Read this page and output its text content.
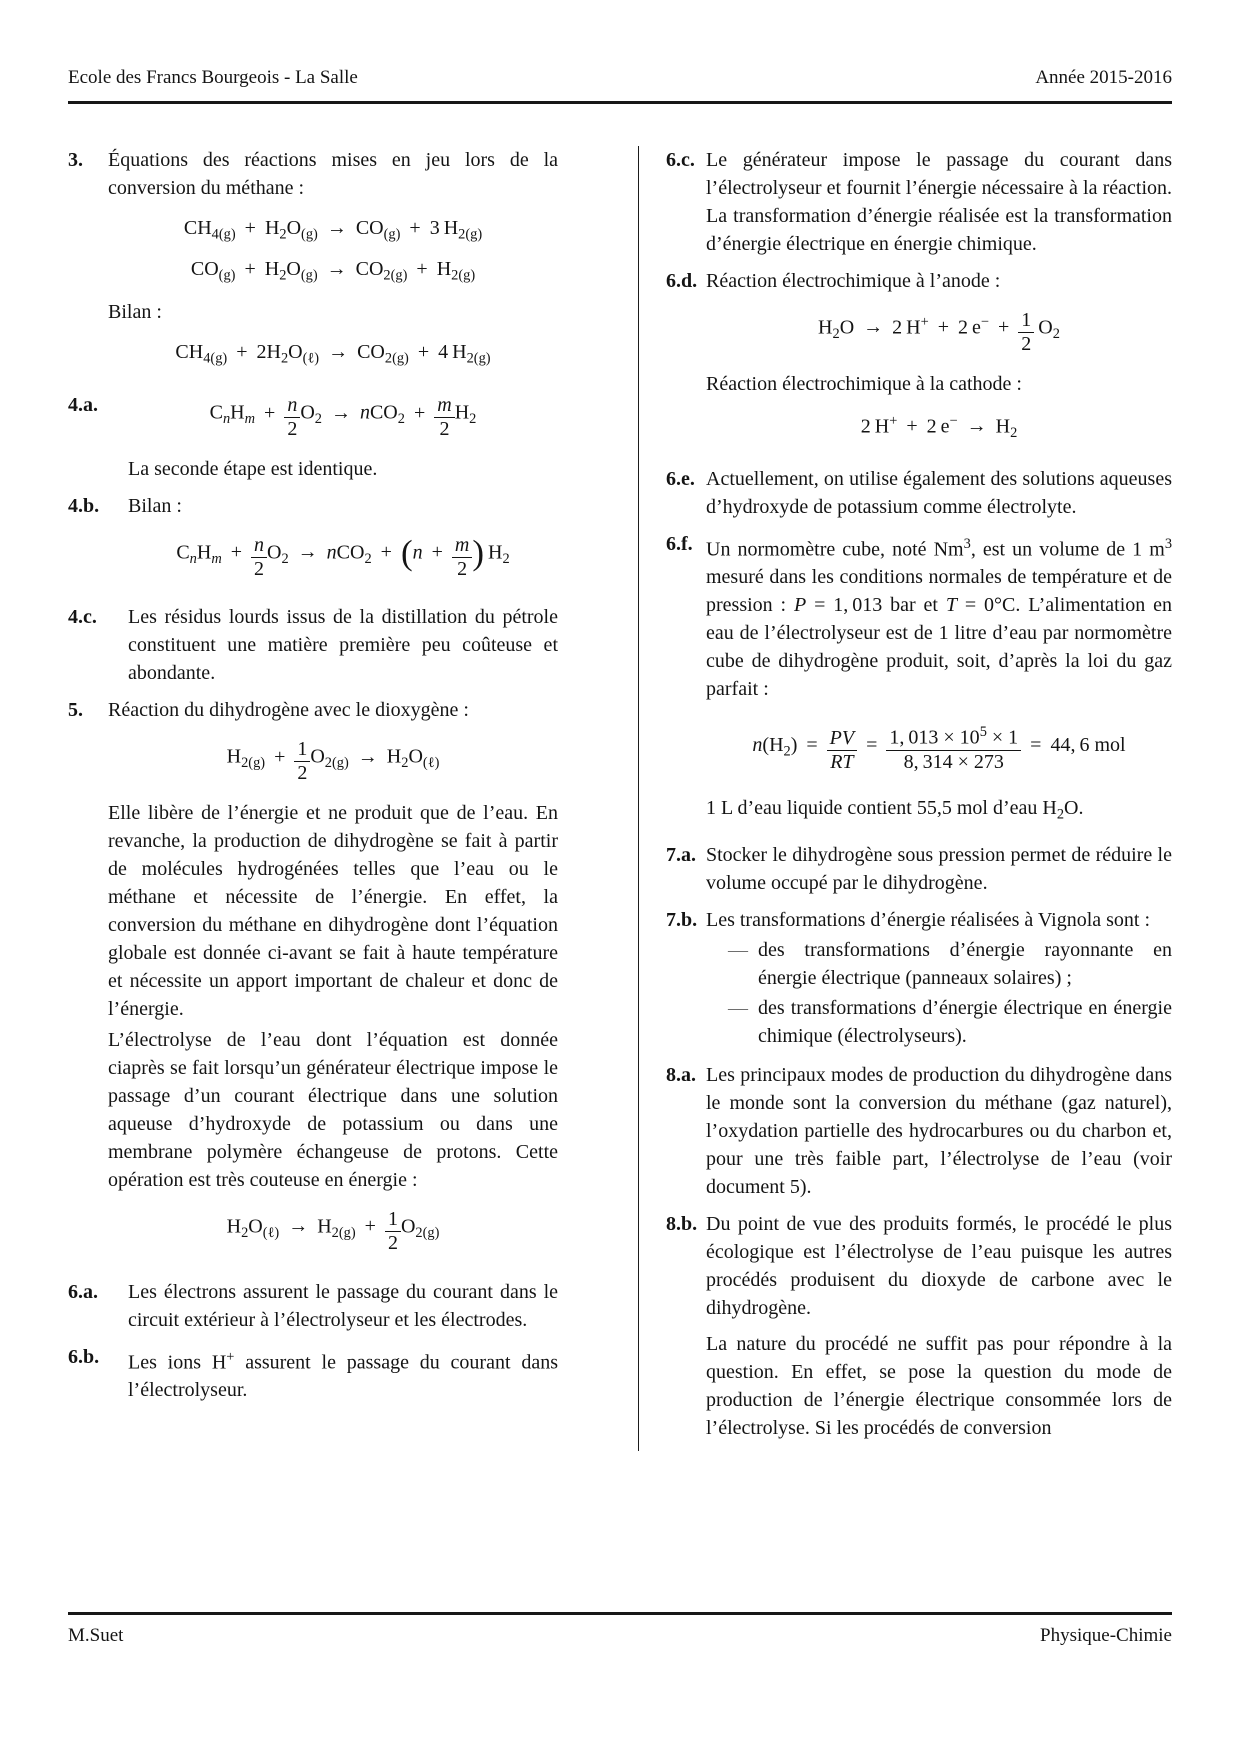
Ecole des Francs Bourgeois - La Salle	Année 2015-2016
3.	Équations des réactions mises en jeu lors de la conversion du méthane :
$CH_{4(g)} + H_2O_{(g)} \to CO_{(g)} + 3$ $H_{2(g)}$
$CO_{(g)} + H_2O_{(g)} \to CO_{2(g)} + H_{2(g)}$
Bilan :
$CH_{4(g)} + 2H_2O_{(\ell)} \to CO_{2(g)} + 4$ $H_{2(g)}$
4.a.	$C_nH_m + \frac{n}{2} O_2 \to nCO_2 + \frac{m}{2} H_2$
La seconde étape est identique.
4.b.	Bilan :
$C_nH_m + \frac{n}{2} O_2 \to nCO_2 + (n + \frac{m}{2}$ ) $H_2$
4.c.	Les résidus lourds issus de la distillation du pétrole constituent une matière première peu coûteuse et abondante.
5.	Réaction du dihydrogène avec le dioxygène :
$H_{2(g)} + \frac{1}{2} O_{2(g)} \to H_2O_{(\ell)}$
Elle libère de l’énergie et ne produit que de l’eau. En revanche, la production de dihydrogène se fait à partir de molécules hydrogénées telles que l’eau ou le méthane et nécessite de l’énergie. En effet, la conversion du méthane en dihydrogène dont l’équation globale est donnée ci-avant se fait à haute température et nécessite un apport important de chaleur et donc de l’énergie.
L’électrolyse de l’eau dont l’équation est donnée ciaprès se fait lorsqu’un générateur électrique impose le passage d’un courant électrique dans une solution aqueuse d’hydroxyde de potassium ou dans une membrane polymère échangeuse de protons. Cette opération est très couteuse en énergie :
$H_2O_{(\ell)} \to H_{2(g)} + \frac{1}{2} O_{2(g)}$
6.a.	Les électrons assurent le passage du courant dans le circuit extérieur à l’électrolyseur et les électrodes.
6.b.	Les ions H+ assurent le passage du courant dans l’électrolyseur.
6.c. Le générateur impose le passage du courant dans l’électrolyseur et fournit l’énergie nécessaire à la réaction. La transformation d’énergie réalisée est la transformation d’énergie électrique en énergie chimique.
6.d. Réaction électrochimique à l’anode :
$H_2O \to 2$ H+ + 2 $e^- + \frac{1}{2} O_2$
Réaction électrochimique à la cathode :
2 H+ + 2 $e^- \to H_2$
6.e. Actuellement, on utilise également des solutions aqueuses d’hydroxyde de potassium comme électrolyte.
6.f. Un normomètre cube, noté Nm$^3$, est un volume de 1 $m^3$ mesuré dans les conditions normales de température et de pression : P = 1, 013 bar et T = 0°C. L’alimentation en eau de l’électrolyseur est de 1 litre d’eau par normomètre cube de dihydrogène produit, soit, d’après la loi du gaz parfait :
$n(H_2) = \frac{PV}{RT} = \frac{1, 013 \times 10^5 \times 1}{8, 314 \times 273} = 44$, 6 mol
1 L d’eau liquide contient 55,5 mol d’eau $H_2O$.
7.a. Stocker le dihydrogène sous pression permet de réduire le volume occupé par le dihydrogène.
7.b. Les transformations d’énergie réalisées à Vignola sont :
— des transformations d’énergie rayonnante en énergie électrique (panneaux solaires) ;
— des transformations d’énergie électrique en énergie chimique (électrolyseurs).
8.a. Les principaux modes de production du dihydrogène dans le monde sont la conversion du méthane (gaz naturel), l’oxydation partielle des hydrocarbures ou du charbon et, pour une très faible part, l’électrolyse de l’eau (voir document 5).
8.b. Du point de vue des produits formés, le procédé le plus écologique est l’électrolyse de l’eau puisque les autres procédés produisent du dioxyde de carbone avec le dihydrogène.
La nature du procédé ne suffit pas pour répondre à la question. En effet, se pose la question du mode de production de l’énergie électrique consommée lors de l’électrolyse. Si les procédés de conversion
M.Suet	Physique-Chimie
